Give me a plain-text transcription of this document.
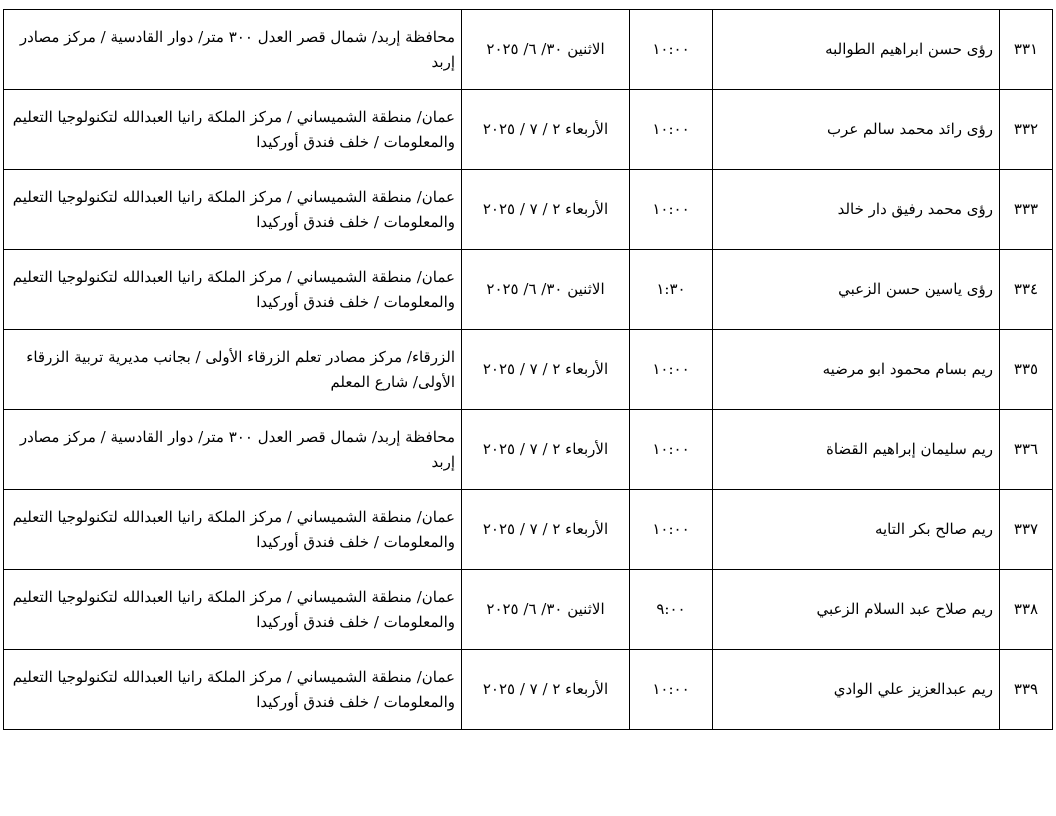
٣٣١	رؤى حسن ابراهيم الطوالبه	١٠:٠٠	الاثنين ٣٠/ ٦/ ٢٠٢٥	محافظة إربد/ شمال قصر العدل ٣٠٠ متر/ دوار القادسية / مركز مصادر إربد
٣٣٢	رؤى رائد محمد سالم عرب	١٠:٠٠	الأربعاء ٢ / ٧ / ٢٠٢٥	عمان/ منطقة الشميساني / مركز الملكة رانيا العبدالله لتكنولوجيا التعليم والمعلومات / خلف فندق أوركيدا
٣٣٣	رؤى محمد رفيق دار خالد	١٠:٠٠	الأربعاء ٢ / ٧ / ٢٠٢٥	عمان/ منطقة الشميساني / مركز الملكة رانيا العبدالله لتكنولوجيا التعليم والمعلومات / خلف فندق أوركيدا
٣٣٤	رؤى ياسين حسن الزعبي	١:٣٠	الاثنين ٣٠/ ٦/ ٢٠٢٥	عمان/ منطقة الشميساني / مركز الملكة رانيا العبدالله لتكنولوجيا التعليم والمعلومات / خلف فندق أوركيدا
٣٣٥	ريم بسام محمود ابو مرضيه	١٠:٠٠	الأربعاء ٢ / ٧ / ٢٠٢٥	الزرقاء/ مركز مصادر تعلم الزرقاء الأولى / بجانب مديرية تربية الزرقاء الأولى/ شارع المعلم
٣٣٦	ريم سليمان إبراهيم القضاة	١٠:٠٠	الأربعاء ٢ / ٧ / ٢٠٢٥	محافظة إربد/ شمال قصر العدل ٣٠٠ متر/ دوار القادسية / مركز مصادر إربد
٣٣٧	ريم صالح بكر التايه	١٠:٠٠	الأربعاء ٢ / ٧ / ٢٠٢٥	عمان/ منطقة الشميساني / مركز الملكة رانيا العبدالله لتكنولوجيا التعليم والمعلومات / خلف فندق أوركيدا
٣٣٨	ريم صلاح عبد السلام الزعبي	٩:٠٠	الاثنين ٣٠/ ٦/ ٢٠٢٥	عمان/ منطقة الشميساني / مركز الملكة رانيا العبدالله لتكنولوجيا التعليم والمعلومات / خلف فندق أوركيدا
٣٣٩	ريم عبدالعزيز علي الوادي	١٠:٠٠	الأربعاء ٢ / ٧ / ٢٠٢٥	عمان/ منطقة الشميساني / مركز الملكة رانيا العبدالله لتكنولوجيا التعليم والمعلومات / خلف فندق أوركيدا
